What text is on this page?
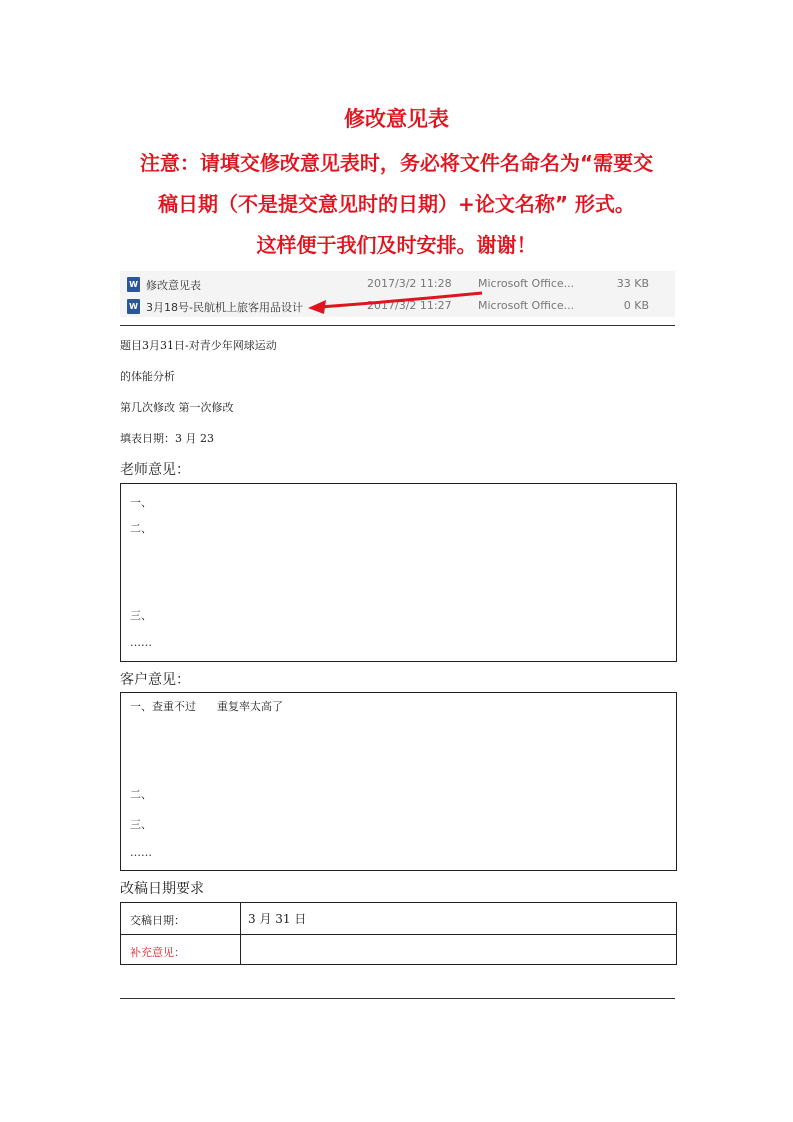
修改意见表
注意：请填交修改意见表时，务必将文件名命名为“需要交
稿日期（不是提交意见时的日期）+论文名称” 形式。
这样便于我们及时安排。谢谢！
W 修改意见表	2017/3/2 11:28 Microsoft Office...	33 KB
W 3月18号-民航机上旅客用品设计	2017/3/2 11:27 Microsoft Office...	0 KB
题目3月31日-对青少年网球运动
的体能分析
第几次修改 第一次修改
填表日期：3 月 23
老师意见：
一、
二、
三、
……
客户意见：
一、查重不过      重复率太高了
二、
三、
……
改稿日期要求
交稿日期：	3 月 31 日
补充意见：
